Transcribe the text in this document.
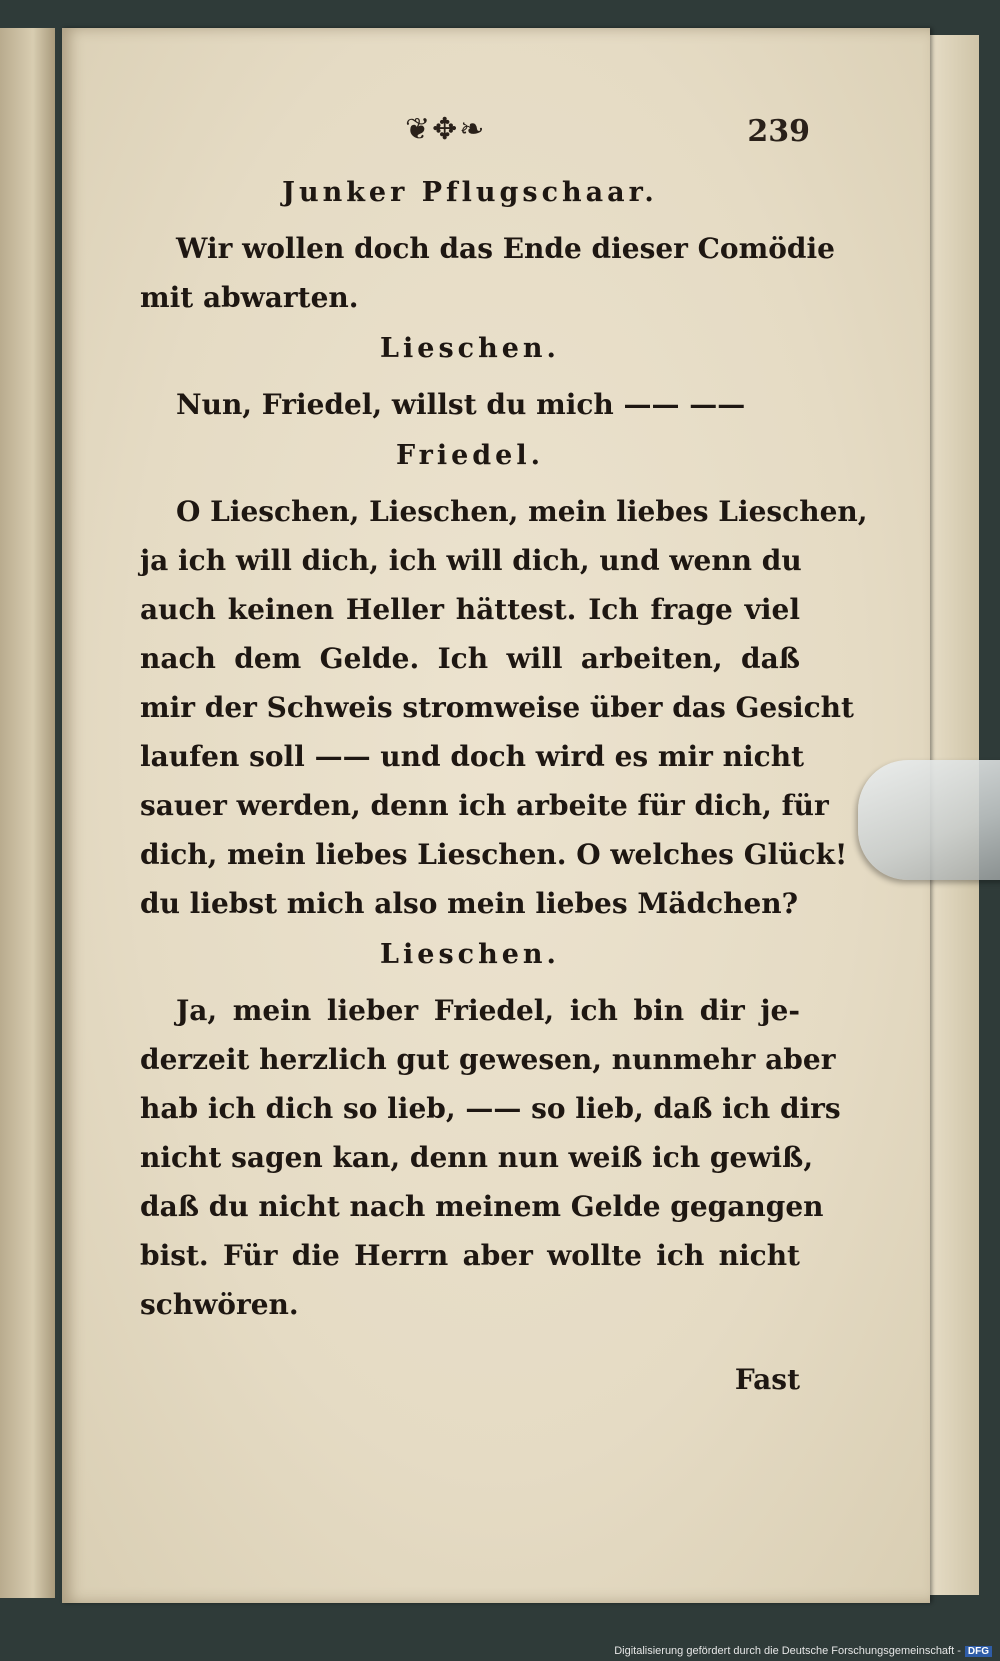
❦✥❧	239
Junker Pflugschaar.
Wir wollen doch das Ende dieser Comödie
mit abwarten.
Lieschen.
Nun, Friedel, willst du mich —— ——
Friedel.
O Lieschen, Lieschen, mein liebes Lieschen,
ja ich will dich, ich will dich, und wenn du
auch keinen Heller hättest. Ich frage viel
nach dem Gelde. Ich will arbeiten, daß
mir der Schweis stromweise über das Gesicht
laufen soll —— und doch wird es mir nicht
sauer werden, denn ich arbeite für dich, für
dich, mein liebes Lieschen. O welches Glück!
du liebst mich also mein liebes Mädchen?
Lieschen.
Ja, mein lieber Friedel, ich bin dir je-
derzeit herzlich gut gewesen, nunmehr aber
hab ich dich so lieb, —— so lieb, daß ich dirs
nicht sagen kan, denn nun weiß ich gewiß,
daß du nicht nach meinem Gelde gegangen
bist. Für die Herrn aber wollte ich nicht
schwören.
Fast
Digitalisierung gefördert durch die Deutsche Forschungsgemeinschaft - DFG
